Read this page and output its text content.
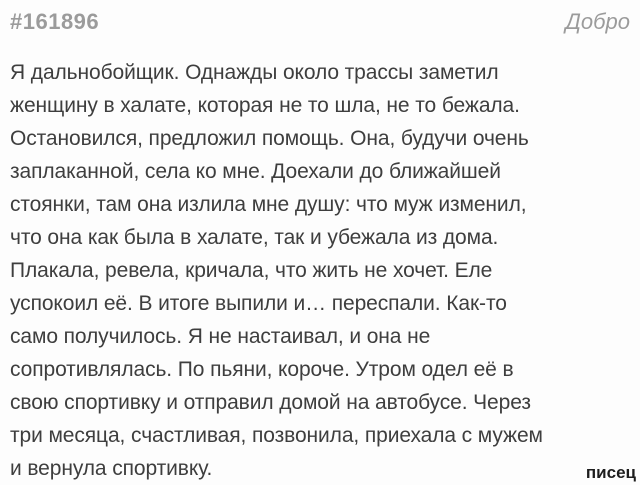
#161896	Добро
Я дальнобойщик. Однажды около трассы заметил
женщину в халате, которая не то шла, не то бежала.
Остановился, предложил помощь. Она, будучи очень
заплаканной, села ко мне. Доехали до ближайшей
стоянки, там она излила мне душу: что муж изменил,
что она как была в халате, так и убежала из дома.
Плакала, ревела, кричала, что жить не хочет. Еле
успокоил её. В итоге выпили и… переспали. Как-то
само получилось. Я не настаивал, и она не
сопротивлялась. По пьяни, короче. Утром одел её в
свою спортивку и отправил домой на автобусе. Через
три месяца, счастливая, позвонила, приехала с мужем
и вернула спортивку.	писец
